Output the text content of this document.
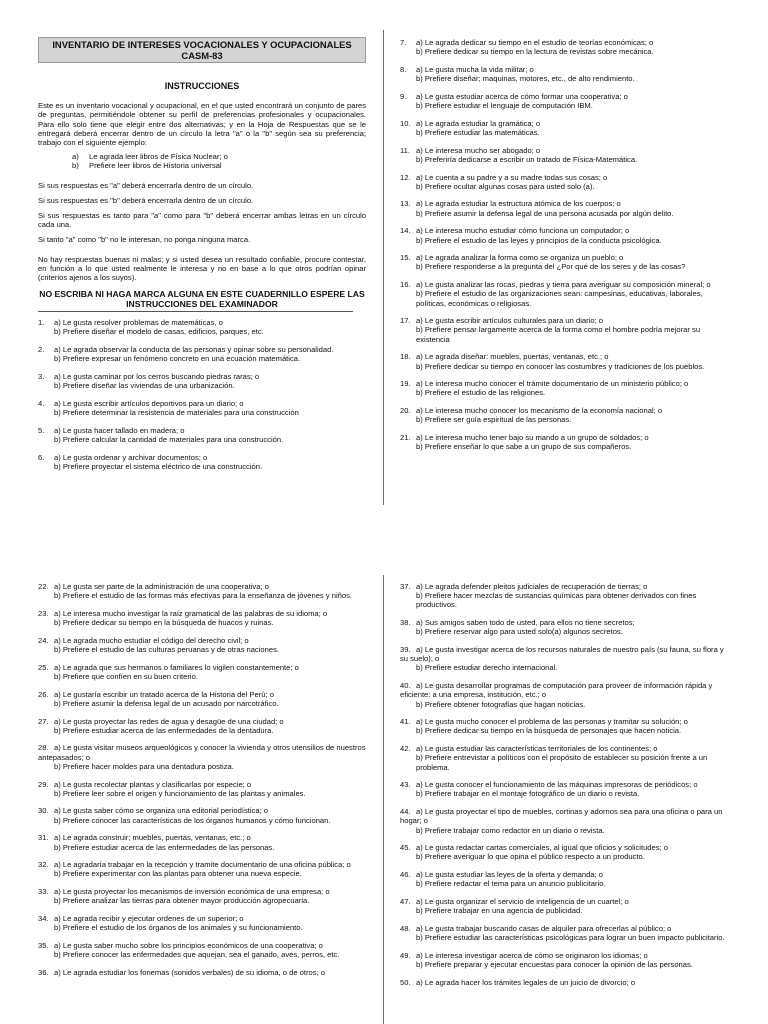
INVENTARIO DE INTERESES VOCACIONALES Y OCUPACIONALES
CASM-83
INSTRUCCIONES
Este es un inventario vocacional y ocupacional, en el que usted encontrará un conjunto de pares de preguntas, permitiéndole obtener su perfil de preferencias profesionales y ocupacionales. Para ello solo tiene que elegir entre dos alternativas; y en la Hoja de Respuestas que se le entregará deberá encerrar dentro de un círculo la letra "a" o la "b" según sea su preferencia; trabajo con el siguiente ejemplo:
a) Le agrada leer libros de Física Nuclear; o
b) Prefiere leer libros de Historia universal
Si sus respuestas es "a" deberá encerrarla dentro de un círculo.
Si sus respuestas es "b" deberá encerrarla dentro de un círculo.
Si sus respuestas es tanto para "a" como para "b" deberá encerrar ambas letras en un círculo cada una.
Si tanto "a" como "b" no le interesan, no ponga ninguna marca.
No hay respuestas buenas ni malas; y si usted desea un resultado confiable, procure contestar, en función a lo que usted realmente le interesa y no en base a lo que otros podrían opinar (criterios ajenos a los suyos).
NO ESCRIBA NI HAGA MARCA ALGUNA EN ESTE CUADERNILLO ESPERE LAS INSTRUCCIONES DEL EXAMINADOR
1. a) Le gusta resolver problemas de matemáticas, o
b) Prefiere diseñar el modelo de casas, edificios, parques, etc.
2. a) Le agrada observar la conducta de las personas y opinar sobre su personalidad.
b) Prefiere expresar un fenómeno concreto en una ecuación matemática.
3. a) Le gusta caminar por los cerros buscando piedras raras; o
b) Prefiere diseñar las viviendas de una urbanización.
4. a) Le gusta escribir artículos deportivos para un diario; o
b) Prefiere determinar la resistencia de materiales para una construcción
5. a) Le gusta hacer tallado en madera; o
b) Prefiere calcular la cantidad de materiales para una construcción.
6. a) Le gusta ordenar y archivar documentos; o
b) Prefiere proyectar el sistema eléctrico de una construcción.
7. a) Le agrada dedicar su tiempo en el estudio de teorías económicas; o
b) Prefiere dedicar su tiempo en la lectura de revistas sobre mecánica.
8. a) Le gusta mucha la vida militar; o
b) Prefiere diseñar; maquinas, motores, etc., de alto rendimiento.
9. a) Le gusta estudiar acerca de cómo formar una cooperativa; o
b) Prefiere estudiar el lenguaje de computación IBM.
10. a) Le agrada estudiar la gramática; o
b) Prefiere estudiar las matemáticas.
11. a) Le interesa mucho ser abogado; o
b) Preferiría dedicarse a escribir un tratado de Física-Matemática.
12. a) Le cuenta a su padre y a su madre todas sus cosas; o
b) Prefiere ocultar algunas cosas para usted solo (a).
13. a) Le agrada estudiar la estructura atómica de los cuerpos; o
b) Prefiere asumir la defensa legal de una persona acusada por algún delito.
14. a) Le interesa mucho estudiar cómo funciona un computador; o
b) Prefiere el estudio de las leyes y principios de la conducta psicológica.
15. a) Le agrada analizar la forma como se organiza un pueblo; o
b) Prefiere responderse a la pregunta del ¿Por qué de los seres y de las cosas?
16. a) Le gusta analizar las rocas, piedras y tierra para averiguar su composición mineral; o
b) Prefiere el estudio de las organizaciones sean: campesinas, educativas, laborales, políticas, económicas o religiosas.
17. a) Le gusta escribir artículos culturales para un diario; o
b) Prefiere pensar largamente acerca de la forma como el hombre podría mejorar su existencia
18. a) Le agrada diseñar: muebles, puertas, ventanas, etc.; o
b) Prefiere dedicar su tiempo en conocer las costumbres y tradiciones de los pueblos.
19. a) Le interesa mucho conocer el trámite documentario de un ministerio público; o
b) Prefiere el estudio de las religiones.
20. a) Le interesa mucho conocer los mecanismo de la economía nacional; o
b) Prefiere ser guía espiritual de las personas.
21. a) Le interesa mucho tener bajo su mando a un grupo de soldados; o
b) Prefiere enseñar lo que sabe a un grupo de sus compañeros.
22. a) Le gusta ser parte de la administración de una cooperativa; o
b) Prefiere el estudio de las formas más efectivas para la enseñanza de jóvenes y niños.
23. a) Le interesa mucho investigar la raíz gramatical de las palabras de su idioma; o
b) Prefiere dedicar su tiempo en la búsqueda de huacos y ruinas.
24. a) Le agrada mucho estudiar el código del derecho civil; o
b) Prefiere el estudio de las culturas peruanas y de otras naciones.
25. a) Le agrada que sus hermanos o familiares lo vigilen constantemente; o
b) Prefiere que confíen en su buen criterio.
26. a) Le gustaría escribir un tratado acerca de la Historia del Perú; o
b) Prefiere asumir la defensa legal de un acusado por narcotráfico.
27. a) Le gusta proyectar las redes de agua y desagüe de una ciudad; o
b) Prefiere estudiar acerca de las enfermedades de la dentadura.
28. a) Le gusta visitar museos arqueológicos y conocer la vivienda y otros utensilios de nuestros antepasados; o
b) Prefiere hacer moldes para una dentadura postiza.
29. a) Le gusta recolectar plantas y clasificarlas por especie; o
b) Prefiere leer sobre el origen y funcionamiento de las plantas y animales.
30. a) Le gusta saber cómo se organiza una editorial periodística; o
b) Prefiere conocer las características de los órganos humanos y cómo funcionan.
31. a) Le agrada construir; muebles, puertas, ventanas, etc.; o
b) Prefiere estudiar acerca de las enfermedades de las personas.
32. a) Le agradaría trabajar en la recepción y tramite documentario de una oficina pública; o
b) Prefiere experimentar con las plantas para obtener una nueva especie.
33. a) Le gusta proyectar los mecanismos de inversión económica de una empresa; o
b) Prefiere analizar las tierras para obtener mayor producción agropecuaria.
34. a) Le agrada recibir y ejecutar ordenes de un superior; o
b) Prefiere el estudio de los órganos de los animales y su funcionamiento.
35. a) Le gusta saber mucho sobre los principios económicos de una cooperativa; o
b) Prefiere conocer las enfermedades que aquejan, sea el ganado, aves, perros, etc.
36. a) Le agrada estudiar los fonemas (sonidos verbales) de su idioma, o de otros; o
37. a) Le agrada defender pleitos judiciales de recuperación de tierras; o
b) Prefiere hacer mezclas de sustancias químicas para obtener derivados con fines productivos.
38. a) Sus amigos saben todo de usted, para ellos no tiene secretos;
b) Prefiere reservar algo para usted solo(a) algunos secretos.
39. a) Le gusta investigar acerca de los recursos naturales de nuestro país (su fauna, su flora y su suelo); o
b) Prefiere estudiar derecho internacional.
40. a) Le gusta desarrollar programas de computación para proveer de información rápida y eficiente: a una empresa, institución, etc.; o
b) Prefiere obtener fotografías que hagan noticias.
41. a) Le gusta mucho conocer el problema de las personas y tramitar su solución; o
b) Prefiere dedicar su tiempo en la búsqueda de personajes que hacen noticia.
42. a) Le gusta estudiar las características territoriales de los continentes; o
b) Prefiere entrevistar a políticos con el propósito de establecer su posición frente a un problema.
43. a) Le gusta conocer el funcionamiento de las máquinas impresoras de periódicos; o
b) Prefiere trabajar en el montaje fotográfico de un diario o revista.
44. a) Le gusta proyectar el tipo de muebles, cortinas y adornos sea para una oficina o para un hogar; o
b) Prefiere trabajar como redactor en un diario o revista.
45. a) Le gusta redactar cartas comerciales, al igual que oficios y solicitudes; o
b) Prefiere averiguar lo que opina el público respecto a un producto.
46. a) Le gusta estudiar las leyes de la oferta y demanda; o
b) Prefiere redactar el tema para un anuncio publicitario.
47. a) Le gusta organizar el servicio de inteligencia de un cuartel; o
b) Prefiere trabajar en una agencia de publicidad.
48. a) Le gusta trabajar buscando casas de alquiler para ofrecerlas al público; o
b) Prefiere estudiar las características psicológicas para lograr un buen impacto publicitario.
49. a) Le interesa investigar acerca de cómo se originaron los idiomas; o
b) Prefiere preparar y ejecutar encuestas para conocer la opinión de las personas.
50. a) Le agrada hacer los trámites legales de un juicio de divorcio; o
